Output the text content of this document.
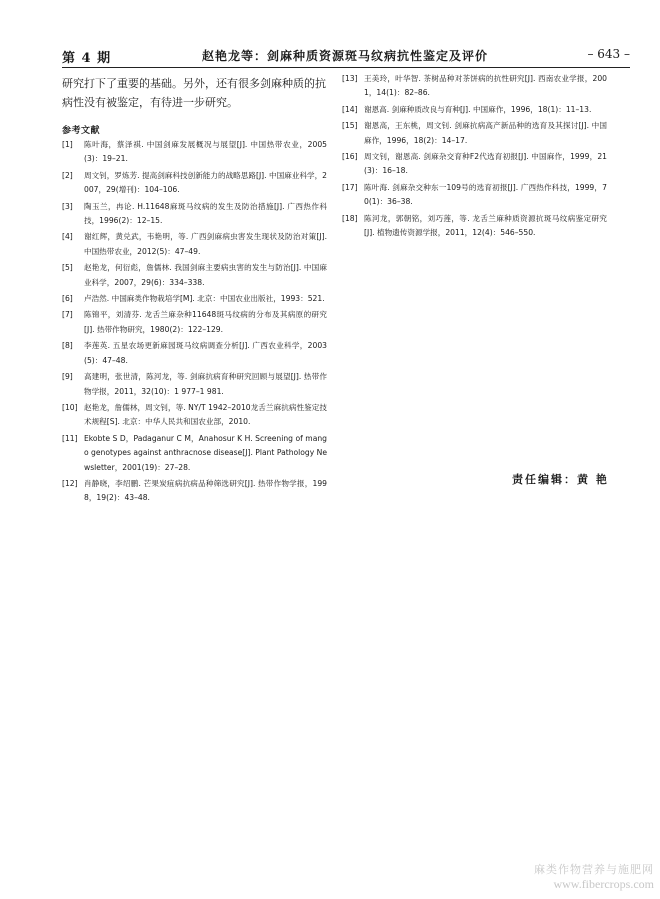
第 4 期	赵艳龙等：剑麻种质资源斑马纹病抗性鉴定及评价	– 643 –

研究打下了重要的基础。另外，还有很多剑麻种质的抗病性没有被鉴定，有待进一步研究。

参考文献
[1]	陈叶海，蔡泽祺. 中国剑麻发展概况与展望[J]. 中国热带农业，2005(3)：19–21.
[2]	周文钊，罗炼芳. 提高剑麻科技创新能力的战略思路[J]. 中国麻业科学，2007，29(增刊)：104–106.
[3]	陶玉兰，冉论. H.11648麻斑马纹病的发生及防治措施[J]. 广西热作科技，1996(2)：12–15.
[4]	谢红辉，黄兑武，韦艳明，等. 广西剑麻病虫害发生现状及防治对策[J]. 中国热带农业，2012(5)：47–49.
[5]	赵艳龙，何衍彪，詹儒林. 我国剑麻主要病虫害的发生与防治[J]. 中国麻业科学，2007，29(6)：334–338.
[6]	卢浩然. 中国麻类作物栽培学[M]. 北京：中国农业出版社，1993：521.
[7]	陈锦平，刘清芬. 龙舌兰麻杂种11648斑马纹病的分布及其病原的研究[J]. 热带作物研究，1980(2)：122–129.
[8]	李莲英. 五星农场更新麻园斑马纹病调查分析[J]. 广西农业科学，2003(5)：47–48.
[9]	高建明，张世清，陈河龙，等. 剑麻抗病育种研究回顾与展望[J]. 热带作物学报，2011，32(10)：1 977–1 981.
[10] 赵艳龙，詹儒林，周文钊，等. NY/T 1942–2010龙舌兰麻抗病性鉴定技术规程[S]. 北京：中华人民共和国农业部，2010.
[11] Ekobte S D，Padaganur C M，Anahosur K H. Screening of mango genotypes against anthracnose disease[J]. Plant Pathology Newsletter，2001(19)：27–28.
[12] 肖静晓，李绍鹏. 芒果炭疽病抗病品种筛选研究[J]. 热带作物学报，1998，19(2)：43–48.
[13] 王美玲，叶华智. 茶树品种对茶饼病的抗性研究[J]. 西南农业学报，2001，14(1)：82–86.
[14] 谢恩高. 剑麻种质改良与育种[J]. 中国麻作，1996，18(1)：11–13.
[15] 谢恩高，王东桃，周文钊. 剑麻抗病高产新品种的选育及其探讨[J]. 中国麻作，1996，18(2)：14–17.
[16] 周文钊，谢恩高. 剑麻杂交育种F2代选育初报[J]. 中国麻作，1999，21(3)：16–18.
[17] 陈叶海. 剑麻杂交种东一109号的选育初报[J]. 广西热作科技，1999，70(1)：36–38.
[18] 陈河龙，郭朝铭，刘巧莲，等. 龙舌兰麻种质资源抗斑马纹病鉴定研究[J]. 植物遗传资源学报，2011，12(4)：546–550.
责任编辑：黄 艳
麻类作物营养与施肥网
www.fibercrops.com
